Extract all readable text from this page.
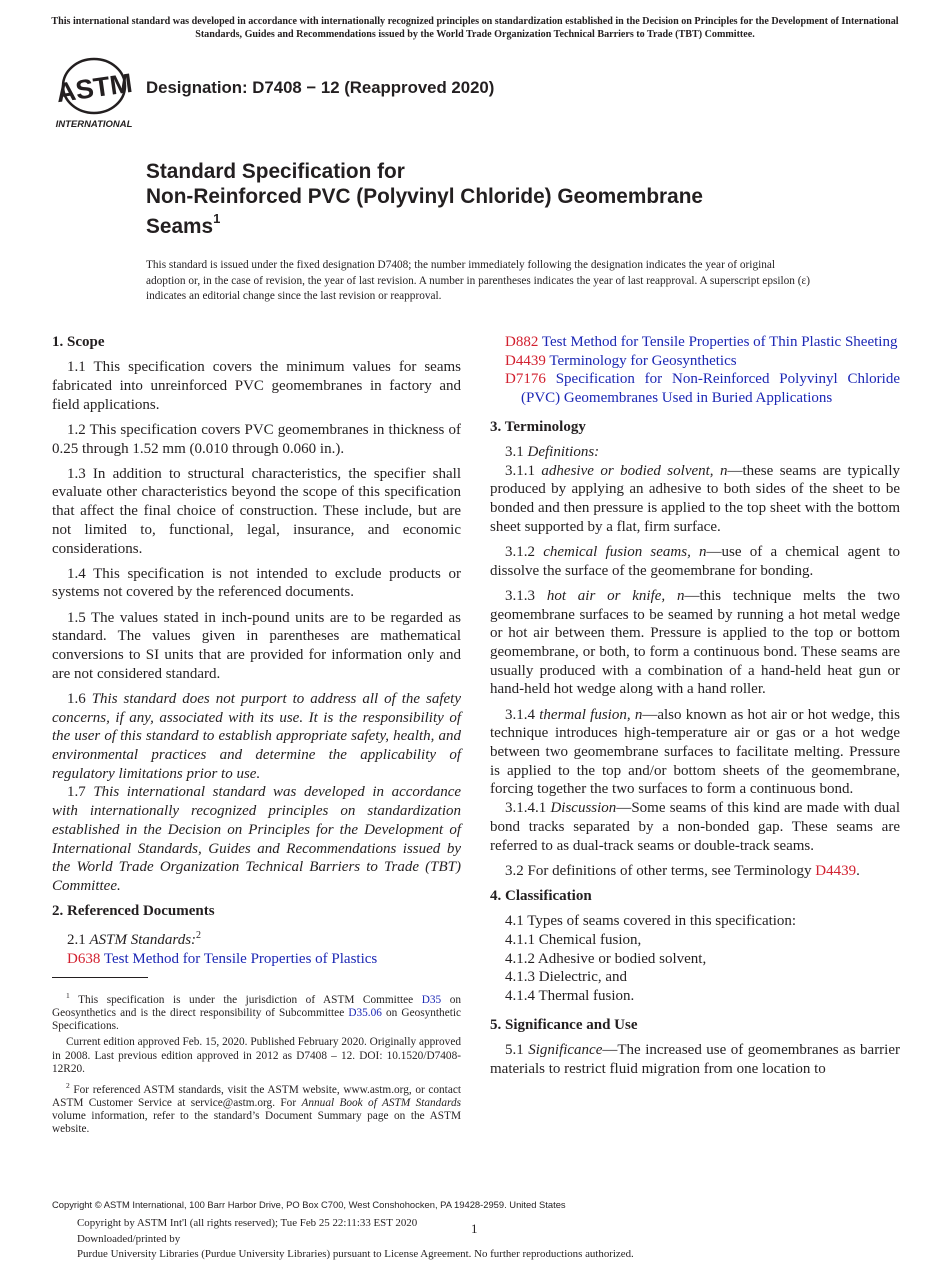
This international standard was developed in accordance with internationally recognized principles on standardization established in the Decision on Principles for the Development of International Standards, Guides and Recommendations issued by the World Trade Organization Technical Barriers to Trade (TBT) Committee.
ASTM
INTERNATIONAL
Designation: D7408 − 12 (Reapproved 2020)
Standard Specification for
Non-Reinforced PVC (Polyvinyl Chloride) Geomembrane
Seams$^1$
This standard is issued under the fixed designation D7408; the number immediately following the designation indicates the year of original adoption or, in the case of revision, the year of last revision. A number in parentheses indicates the year of last reapproval. A superscript epsilon (ε) indicates an editorial change since the last revision or reapproval.
1. Scope
1.1 This specification covers the minimum values for seams fabricated into unreinforced PVC geomembranes in factory and field applications.
1.2 This specification covers PVC geomembranes in thickness of 0.25 through 1.52 mm (0.010 through 0.060 in.).
1.3 In addition to structural characteristics, the specifier shall evaluate other characteristics beyond the scope of this specification that affect the final choice of construction. These include, but are not limited to, functional, legal, insurance, and economic considerations.
1.4 This specification is not intended to exclude products or systems not covered by the referenced documents.
1.5 The values stated in inch-pound units are to be regarded as standard. The values given in parentheses are mathematical conversions to SI units that are provided for information only and are not considered standard.
1.6 This standard does not purport to address all of the safety concerns, if any, associated with its use. It is the responsibility of the user of this standard to establish appropriate safety, health, and environmental practices and determine the applicability of regulatory limitations prior to use.
1.7 This international standard was developed in accordance with internationally recognized principles on standardization established in the Decision on Principles for the Development of International Standards, Guides and Recommendations issued by the World Trade Organization Technical Barriers to Trade (TBT) Committee.
2. Referenced Documents
2.1 ASTM Standards:$^2$
D638 Test Method for Tensile Properties of Plastics

$^1$ This specification is under the jurisdiction of ASTM Committee D35 on Geosynthetics and is the direct responsibility of Subcommittee D35.06 on Geosynthetic Specifications.

Current edition approved Feb. 15, 2020. Published February 2020. Originally approved in 2008. Last previous edition approved in 2012 as D7408 – 12. DOI: 10.1520/D7408-12R20.

$^2$ For referenced ASTM standards, visit the ASTM website, www.astm.org, or contact ASTM Customer Service at service@astm.org. For Annual Book of ASTM Standards volume information, refer to the standard’s Document Summary page on the ASTM website.

D882 Test Method for Tensile Properties of Thin Plastic Sheeting
D4439 Terminology for Geosynthetics
D7176 Specification for Non-Reinforced Polyvinyl Chloride (PVC) Geomembranes Used in Buried Applications
3. Terminology
3.1 Definitions:
3.1.1 adhesive or bodied solvent, n—these seams are typically produced by applying an adhesive to both sides of the sheet to be bonded and then pressure is applied to the top sheet with the bottom sheet supported by a flat, firm surface.
3.1.2 chemical fusion seams, n—use of a chemical agent to dissolve the surface of the geomembrane for bonding.
3.1.3 hot air or knife, n—this technique melts the two geomembrane surfaces to be seamed by running a hot metal wedge or hot air between them. Pressure is applied to the top or bottom geomembrane, or both, to form a continuous bond. These seams are usually produced with a combination of a hand-held heat gun or hand-held hot wedge along with a hand roller.
3.1.4 thermal fusion, n—also known as hot air or hot wedge, this technique introduces high-temperature air or gas or a hot wedge between two geomembrane surfaces to facilitate melting. Pressure is applied to the top and/or bottom sheets of the geomembrane, forcing together the two surfaces to form a continuous bond.
3.1.4.1 Discussion—Some seams of this kind are made with dual bond tracks separated by a non-bonded gap. These seams are referred to as dual-track seams or double-track seams.
3.2 For definitions of other terms, see Terminology D4439.
4. Classification
4.1 Types of seams covered in this specification:
4.1.1 Chemical fusion,
4.1.2 Adhesive or bodied solvent,
4.1.3 Dielectric, and
4.1.4 Thermal fusion.
5. Significance and Use
5.1 Significance—The increased use of geomembranes as barrier materials to restrict fluid migration from one location to
Copyright © ASTM International, 100 Barr Harbor Drive, PO Box C700, West Conshohocken, PA 19428-2959. United States
Copyright by ASTM Int'l (all rights reserved); Tue Feb 25 22:11:33 EST 2020
Downloaded/printed by
Purdue University Libraries (Purdue University Libraries) pursuant to License Agreement. No further reproductions authorized.
1
